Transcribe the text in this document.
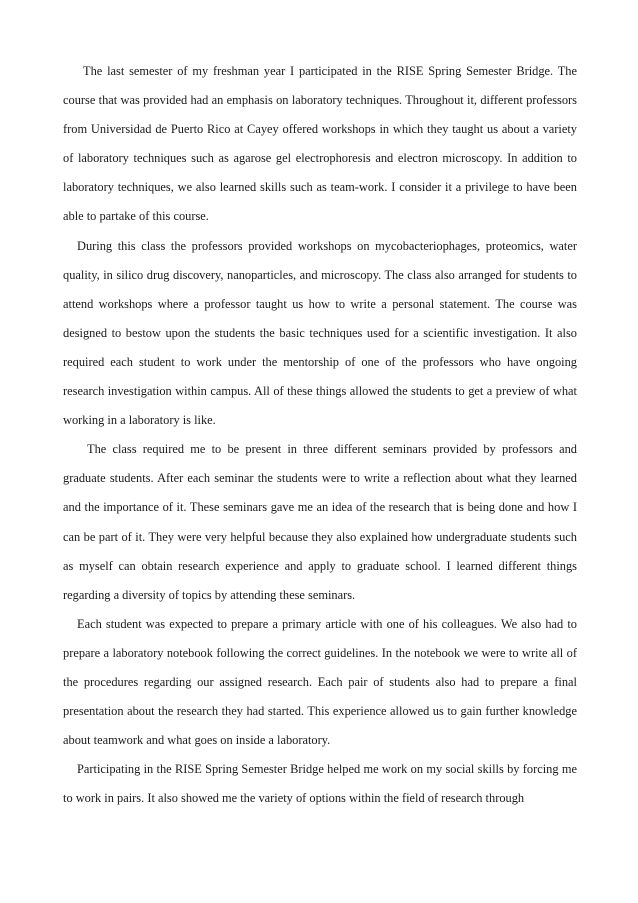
The last semester of my freshman year I participated in the RISE Spring Semester Bridge. The course that was provided had an emphasis on laboratory techniques. Throughout it, different professors from Universidad de Puerto Rico at Cayey offered workshops in which they taught us about a variety of laboratory techniques such as agarose gel electrophoresis and electron microscopy. In addition to laboratory techniques, we also learned skills such as team-work. I consider it a privilege to have been able to partake of this course.

During this class the professors provided workshops on mycobacteriophages, proteomics, water quality, in silico drug discovery, nanoparticles, and microscopy. The class also arranged for students to attend workshops where a professor taught us how to write a personal statement. The course was designed to bestow upon the students the basic techniques used for a scientific investigation. It also required each student to work under the mentorship of one of the professors who have ongoing research investigation within campus. All of these things allowed the students to get a preview of what working in a laboratory is like.

The class required me to be present in three different seminars provided by professors and graduate students. After each seminar the students were to write a reflection about what they learned and the importance of it. These seminars gave me an idea of the research that is being done and how I can be part of it. They were very helpful because they also explained how undergraduate students such as myself can obtain research experience and apply to graduate school. I learned different things regarding a diversity of topics by attending these seminars.

Each student was expected to prepare a primary article with one of his colleagues. We also had to prepare a laboratory notebook following the correct guidelines. In the notebook we were to write all of the procedures regarding our assigned research. Each pair of students also had to prepare a final presentation about the research they had started. This experience allowed us to gain further knowledge about teamwork and what goes on inside a laboratory.

Participating in the RISE Spring Semester Bridge helped me work on my social skills by forcing me to work in pairs. It also showed me the variety of options within the field of research through
